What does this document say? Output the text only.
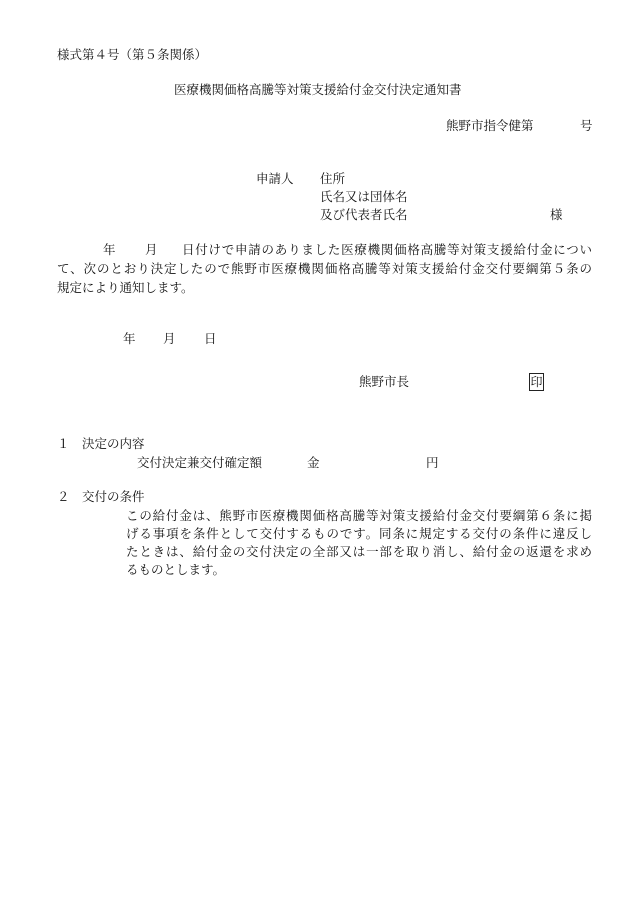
様式第４号（第５条関係）
医療機関価格高騰等対策支援給付金交付決定通知書
熊野市指令健第	号
申請人 住所
氏名又は団体名
及び代表者氏名	様
年 月 日付けで申請のありました医療機関価格高騰等対策支援給付金につい
て、次のとおり決定したので熊野市医療機関価格高騰等対策支援給付金交付要綱第５条の
規定により通知します。
年 月 日
熊野市長	印
１　決定の内容
交付決定兼交付確定額	金	円
２　交付の条件
この給付金は、熊野市医療機関価格高騰等対策支援給付金交付要綱第６条に掲
げる事項を条件として交付するものです。同条に規定する交付の条件に違反し
たときは、給付金の交付決定の全部又は一部を取り消し、給付金の返還を求め
るものとします。
